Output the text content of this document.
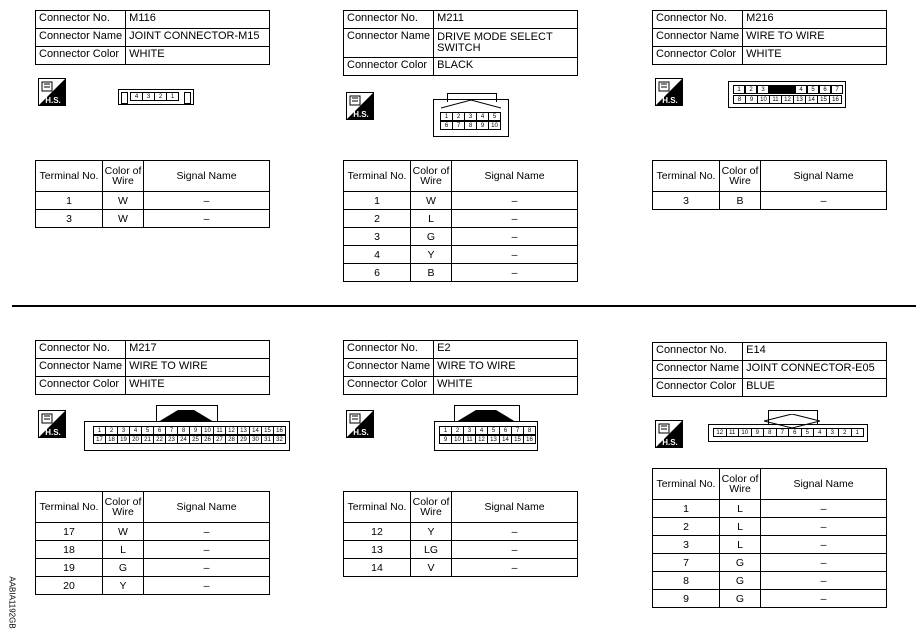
Connector No.	M116
Connector Name	JOINT CONNECTOR-M15
Connector Color	WHITE
Connector No.	M211
Connector Name	DRIVE MODE SELECT SWITCH
Connector Color	BLACK
Connector No.	M216
Connector Name	WIRE TO WIRE
Connector Color	WHITE
H.S.
H.S.
H.S.
4	3	2	1
1	2	3	4	5
6	7	8	9	10
1	2	3	4	5	6	7
8	9	10 11 12 13 14 15 16
Terminal No.	Color of Wire	Signal Name
1	W	–
3	W	–
Terminal No.	Color of Wire	Signal Name
1	W	–
2	L	–
3	G	–
4	Y	–
6	B	–
Terminal No.	Color of Wire	Signal Name
3	B	–
Connector No.	M217
Connector Name	WIRE TO WIRE
Connector Color	WHITE
Connector No.	E2
Connector Name	WIRE TO WIRE
Connector Color	WHITE
Connector No.	E14
Connector Name	JOINT CONNECTOR-E05
Connector Color	BLUE
H.S.	H.S.
H.S.
1	2	3	4	5	6	7	8	9	10 11 12 13 14 15 16
17 18 19 20 21 22 23 24 25 26 27 28 29 30 31 32
1	2	3	4	5	6	7	8
9	10 11 12 13 14 15 16
12	11	10	9	8	7	6	5	4	3	2	1
Terminal No.	Color of Wire	Signal Name
17	W	–
18	L	–
19	G	–
20	Y	–
Terminal No.	Color of Wire	Signal Name
12	Y	–
13	LG	–
14	V	–
Terminal No.	Color of Wire	Signal Name
1	L	–
2	L	–
3	L	–
7	G	–
8	G	–
9	G	–
AABIA1192GB
